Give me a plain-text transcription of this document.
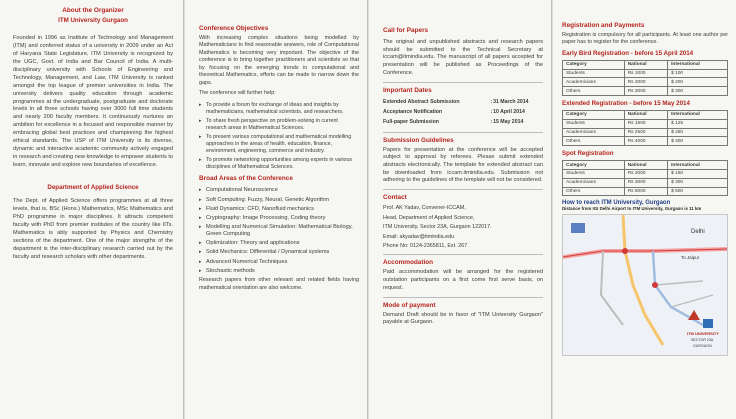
About the Organizer
ITM University Gurgaon

Founded in 1996 as Institute of Technology and Management (ITM) and conferred status of a university in 2009 under an Act of Haryana State Legislature, ITM University is recognized by the UGC, Govt. of India and Bar Council of India. A multi-disciplinary university with Schools of Engineering and Technology, Management, and Law, ITM University is ranked amongst the top league of premier universities in India. The university delivers quality education through academic programmes at the undergraduate, postgraduate and doctorate levels in all three schools having over 3000 full time students and nearly 200 faculty members. It continuously nurtures an ambition for excellence in a focused and responsible manner by embracing global best practices and championing the highest ethical standards. The USP of ITM University is its diverse, dynamic and interactive academic community actively engaged in research and creating new knowledge to empower students to learn, innovate and explore new boundaries of excellence.

Department of Applied Science

The Dept. of Applied Science offers programmes at all three levels, that is, BSc (Hons.) Mathematics, MSc Mathematics and PhD programme in major disciplines. It attracts competent faculty with PhD from premier institutes of the country like IITs. Mathematics is ably supported by Physics and Chemistry sections of the department. One of the major strengths of the department is the inter-disciplinary research carried out by the faculty and research scholars with other departments.

Conference Objectives

With increasing complex situations being modelled by Mathematicians to find reasonable answers, role of Computational Mathematics is becoming very important. The objective of the conference is to bring together practitioners and scientists so that by focusing on the emerging trends in computational and theoretical Mathematics, efforts can be made to narrow down the gaps.

The conference will further help:

▸ To provide a forum for exchange of ideas and insights by mathematicians, mathematical scientists, and researchers.
▸ To share fresh perspective on problem-solving in current research areas in Mathematical Sciences.
▸ To present various computational and mathematical modelling approaches in the areas of health, education, finance, environment, engineering, commerce and industry.
▸ To promote networking opportunities among experts in various disciplines of Mathematical Sciences.
Broad Areas of the Conference
▸ Computational Neuroscience
▸ Soft Computing: Fuzzy, Neural, Genetic Algorithm
▸ Fluid Dynamics: CFD, Nanofluid mechanics
▸ Cryptography: Image Processing, Coding theory
▸ Modelling and Numerical Simulation: Mathematical Biology, Green Computing
▸ Optimization: Theory and applications
▸ Solid Mechanics: Differential / Dynamical systems
▸ Advanced Numerical Techniques
▸ Stochastic methods

Research papers from other relevant and related fields having mathematical orientation are also welcome.

Call for Papers

The original and unpublished abstracts and research papers should be submitted to the Technical Secretary at iccam@itmindia.edu. The manuscript of all papers accepted for presentation will be published as Proceedings of the Conference.

Important Dates
Extended Abstract Submission	:	31 March 2014
Acceptance Notification	:	10 April 2014
Full-paper Submission	:	15 May 2014
Submission Guidelines

Papers for presentation at the conference will be accepted subject to approval by referees. Please submit extended abstracts electronically. The template for extended abstract can be downloaded from iccam.itmindia.edu. Submission not adhering to the guidelines of the template will not be considered.

Contact

Prof. AK Yadav, Convener-ICCAM,

Head, Department of Applied Science,

ITM University, Sector 23A, Gurgaon 122017.

Email: akyadav@itmindia.edu

Phone No: 0124-2365811, Ext. 267

Accommodation

Paid accommodation will be arranged for the registered outstation participants on a first come first serve basis, on request.

Mode of payment

Demand Draft should be in favor of "ITM University Gurgaon" payable at Gurgaon.

Registration and Payments

Registration is compulsory for all participants. At least one author per paper has to register for the conference.

Early Bird Registration - before 15 April 2014
Category	National	International
Students	Rs 1000	$ 100
Academicians	Rs 2000	$ 200
Others	Rs 3000	$ 300
Extended Registration - before 15 May 2014
Category	National	International
Students	Rs 1500	$ 125
Academicians	Rs 2500	$ 250
Others	Rs 4000	$ 400
Spot Registration
Category	National	International
Students	Rs 2000	$ 150
Academicians	Rs 3000	$ 300
Others	Rs 5000	$ 500
How to reach ITM University, Gurgaon
Distance from IGI Delhi Airport to ITM University, Gurgaon is 11 km
Delhi
To Jaipur
ITM UNIVERSITY
SECTOR 23A
GURGAON
